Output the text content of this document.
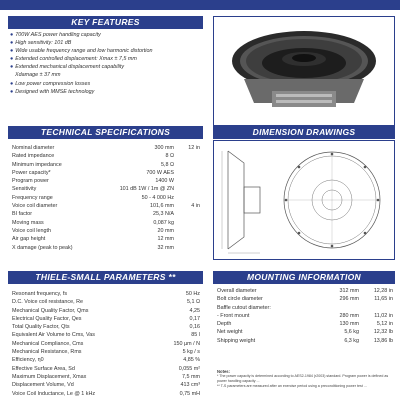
KEY FEATURES
● 700W AES power handling capacity
● High sensitivity: 101 dB
● Wide usable frequency range and low harmonic distortion
● Extended controlled displacement: Xmax ± 7,5 mm
● Extended mechanical displacement capability
Xdamage ± 37 mm
● Low power compression losses
● Designed with MMSE technology
TECHNICAL SPECIFICATIONS
Nominal diameter	300 mm	12 in
Rated impedance	8 Ω
Minimum impedance	5,8 Ω
Power capacity*	700 W AES
Program power	1400 W
Sensitivity	101 dB 1W / 1m @ ZN
Frequency range	50 - 4 000 Hz
Voice coil diameter	101,6 mm	4 in
BI factor	25,3 N/A
Moving mass	0,087 kg
Voice coil length	20 mm
Air gap height	12 mm
X damage (peak to peak)	32 mm
DIMENSION DRAWINGS
THIELE-SMALL PARAMETERS **
Resonant frequency, fs	50 Hz
D.C. Voice coil resistance, Re	5,1 Ω
Mechanical Quality Factor, Qms	4,25
Electrical Quality Factor, Qes	0,17
Total Quality Factor, Qts	0,16
Equivalent Air Volume to Cms, Vas	85 l
Mechanical Compliance, Cms	150 µm / N
Mechanical Resistance, Rms	5 kg / s
Efficiency, η0	4,85 %
Effective Surface Area, Sd	0,055 m²
Maximum Displacement, Xmax	7,5 mm
Displacement Volume, Vd	413 cm³
Voice Coil Inductance, Le @ 1 kHz	0,75 mH
MOUNTING INFORMATION
Overall diameter	312 mm	12,28 in
Bolt circle diameter	296 mm	11,65 in
Baffle cutout diameter:
- Front mount	280 mm	11,02 in
Depth	130 mm	5,12 in
Net weight	5,6 kg	12,32 lb
Shipping weight	6,3 kg	13,86 lb
Notes:
* The power capacity is determined according to AES2-1984 (r2003) standard. Program power is defined as power handling capacity ...
** T-S parameters are measured after an exercise period using a preconditioning power test ...
